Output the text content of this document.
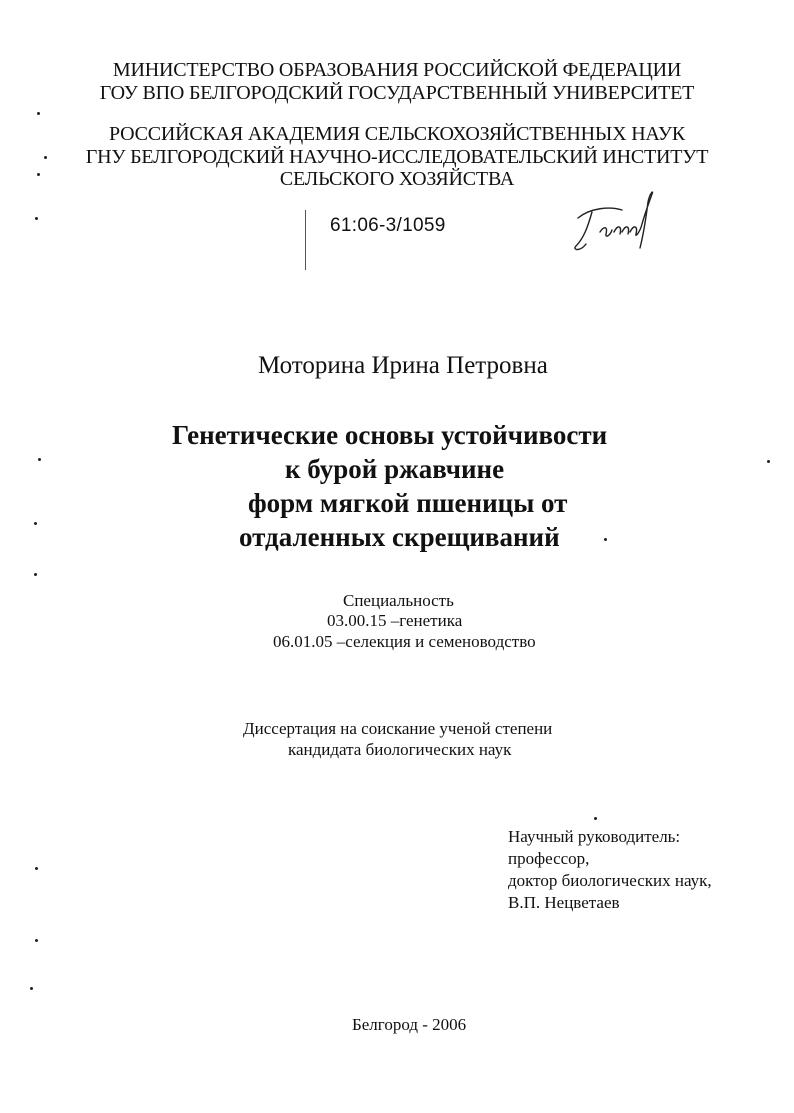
МИНИСТЕРСТВО ОБРАЗОВАНИЯ РОССИЙСКОЙ ФЕДЕРАЦИИ
ГОУ ВПО БЕЛГОРОДСКИЙ ГОСУДАРСТВЕННЫЙ УНИВЕРСИТЕТ
РОССИЙСКАЯ АКАДЕМИЯ СЕЛЬСКОХОЗЯЙСТВЕННЫХ НАУК
ГНУ БЕЛГОРОДСКИЙ НАУЧНО-ИССЛЕДОВАТЕЛЬСКИЙ ИНСТИТУТ
СЕЛЬСКОГО ХОЗЯЙСТВА
61:06-3/1059
Моторина Ирина Петровна
Генетические основы устойчивости
к бурой ржавчине
форм мягкой пшеницы от
отдаленных скрещиваний
Специальность
03.00.15 –генетика
06.01.05 –селекция и семеноводство
Диссертация на соискание ученой степени
кандидата биологических наук
Научный руководитель:
профессор,
доктор биологических наук,
В.П. Нецветаев
Белгород - 2006
